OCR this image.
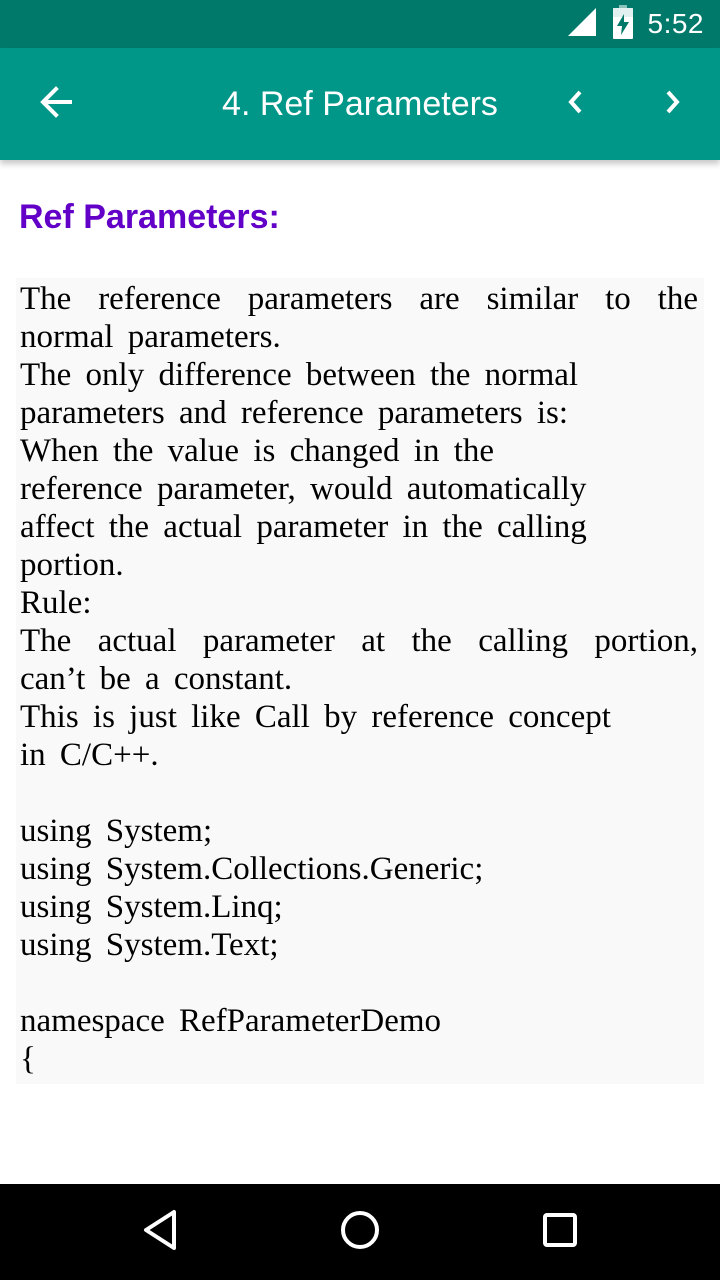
5:52
4. Ref Parameters
Ref Parameters:
The reference parameters are similar to the
normal parameters.
The only difference between the normal
parameters and reference parameters is:
When the value is changed in the
reference parameter, would automatically
affect the actual parameter in the calling
portion.
Rule:
The actual parameter at the calling portion,
can’t be a constant.
This is just like Call by reference concept
in C/C++.
using System;
using System.Collections.Generic;
using System.Linq;
using System.Text;
namespace RefParameterDemo
{
